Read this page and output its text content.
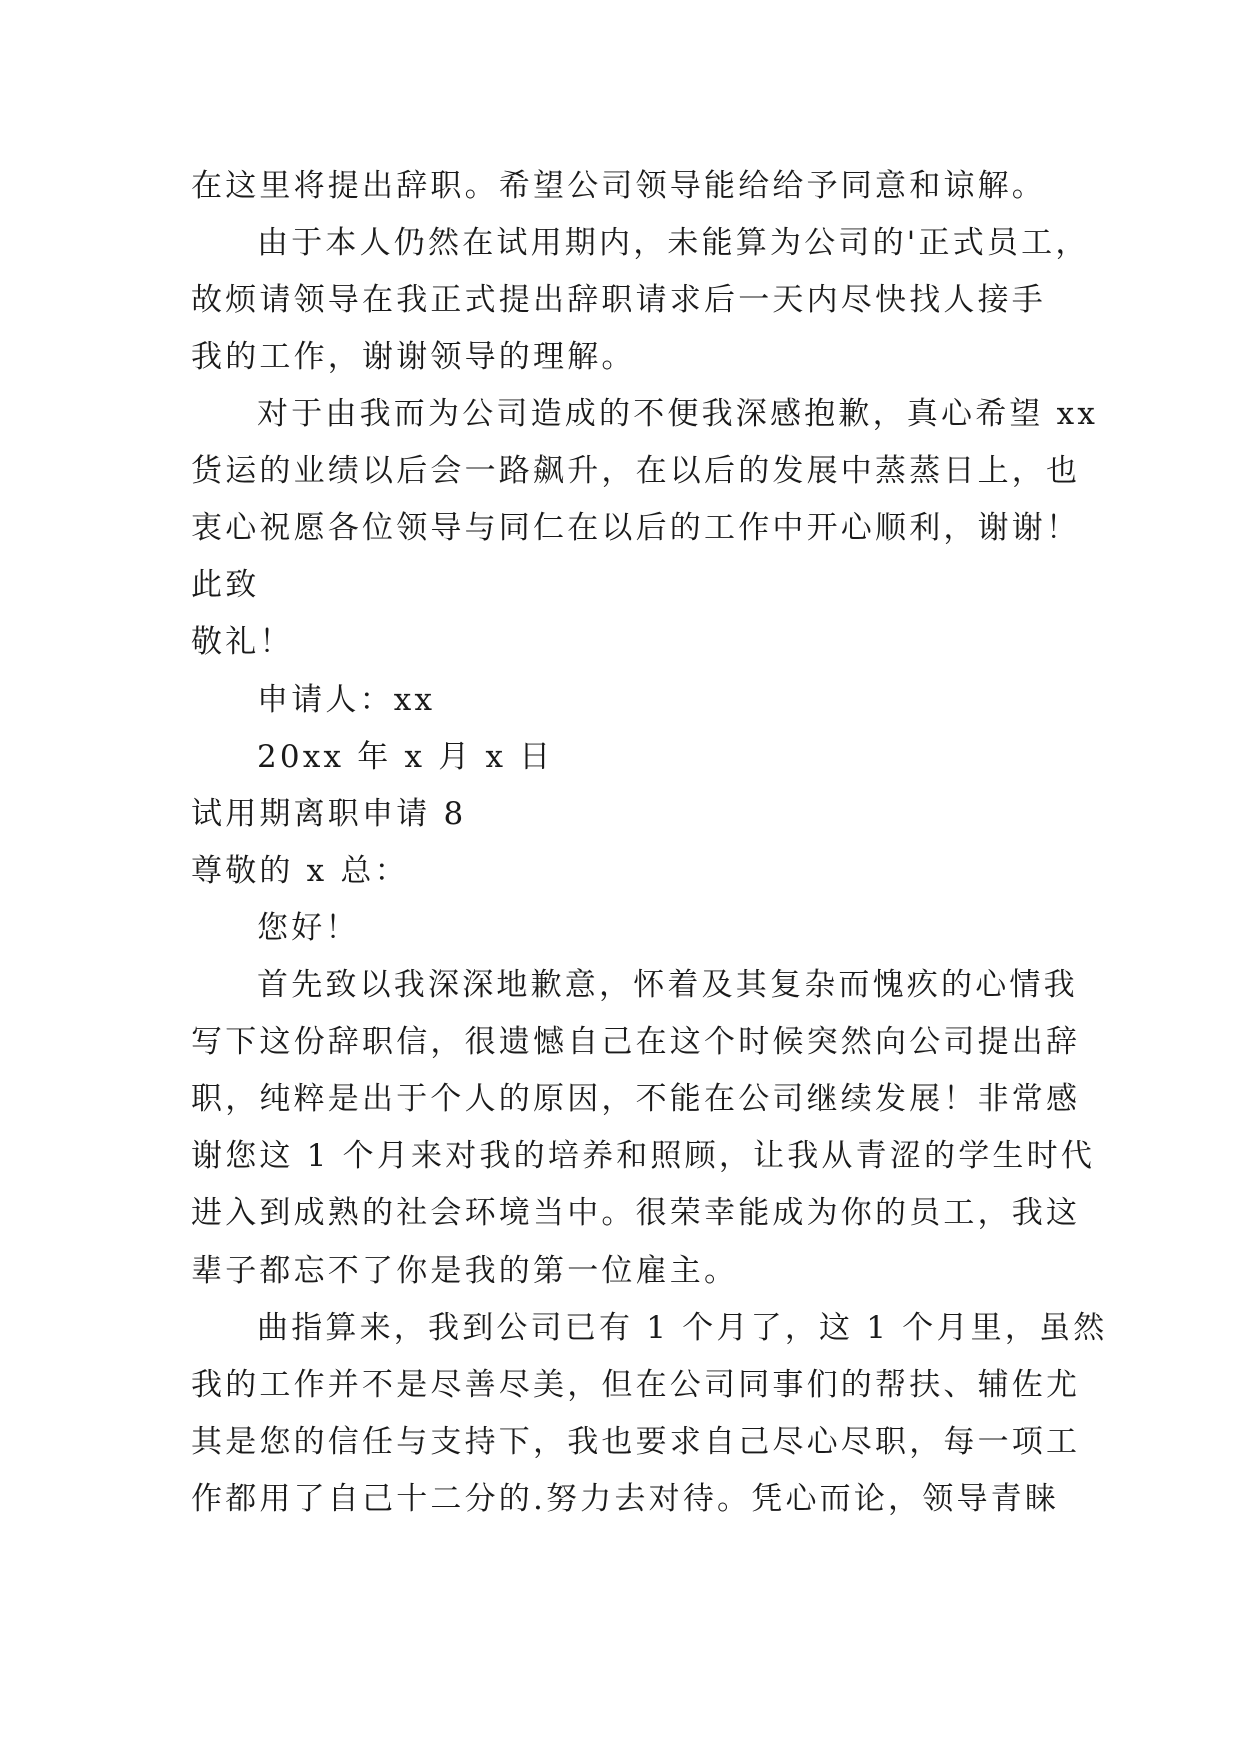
在这里将提出辞职。希望公司领导能给给予同意和谅解。
由于本人仍然在试用期内，未能算为公司的'正式员工，
故烦请领导在我正式提出辞职请求后一天内尽快找人接手
我的工作，谢谢领导的理解。
对于由我而为公司造成的不便我深感抱歉，真心希望 xx
货运的业绩以后会一路飙升，在以后的发展中蒸蒸日上，也
衷心祝愿各位领导与同仁在以后的工作中开心顺利，谢谢！
此致
敬礼！
申请人：xx
20xx 年 x 月 x 日
试用期离职申请 8
尊敬的 x 总：
您好！
首先致以我深深地歉意，怀着及其复杂而愧疚的心情我
写下这份辞职信，很遗憾自己在这个时候突然向公司提出辞
职，纯粹是出于个人的原因，不能在公司继续发展！非常感
谢您这 1 个月来对我的培养和照顾，让我从青涩的学生时代
进入到成熟的社会环境当中。很荣幸能成为你的员工，我这
辈子都忘不了你是我的第一位雇主。
曲指算来，我到公司已有 1 个月了，这 1 个月里，虽然
我的工作并不是尽善尽美，但在公司同事们的帮扶、辅佐尤
其是您的信任与支持下，我也要求自己尽心尽职，每一项工
作都用了自己十二分的.努力去对待。凭心而论，领导青睐
